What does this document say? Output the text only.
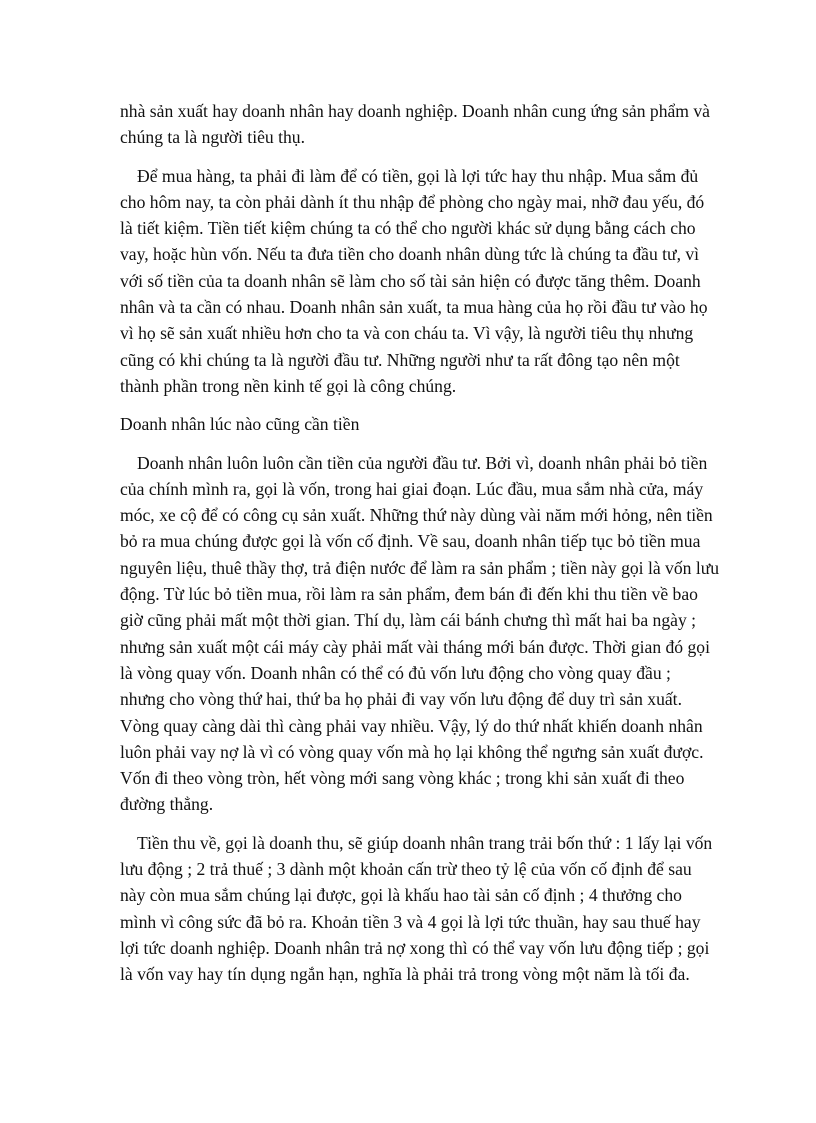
nhà sản xuất hay doanh nhân hay doanh nghiệp. Doanh nhân cung ứng sản phẩm và chúng ta là người tiêu thụ.

Để mua hàng, ta phải đi làm để có tiền, gọi là lợi tức hay thu nhập. Mua sắm đủ cho hôm nay, ta còn phải dành ít thu nhập để phòng cho ngày mai, nhỡ đau yếu, đó là tiết kiệm. Tiền tiết kiệm chúng ta có thể cho người khác sử dụng bằng cách cho vay, hoặc hùn vốn. Nếu ta đưa tiền cho doanh nhân dùng tức là chúng ta đầu tư, vì với số tiền của ta doanh nhân sẽ làm cho số tài sản hiện có được tăng thêm. Doanh nhân và ta cần có nhau. Doanh nhân sản xuất, ta mua hàng của họ rồi đầu tư vào họ vì họ sẽ sản xuất nhiều hơn cho ta và con cháu ta. Vì vậy, là người tiêu thụ nhưng cũng có khi chúng ta là người đầu tư. Những người như ta rất đông tạo nên một thành phần trong nền kinh tế gọi là công chúng.

Doanh nhân lúc nào cũng cần tiền

Doanh nhân luôn luôn cần tiền của người đầu tư. Bởi vì, doanh nhân phải bỏ tiền của chính mình ra, gọi là vốn, trong hai giai đoạn. Lúc đầu, mua sắm nhà cửa, máy móc, xe cộ để có công cụ sản xuất. Những thứ này dùng vài năm mới hỏng, nên tiền bỏ ra mua chúng được gọi là vốn cố định. Về sau, doanh nhân tiếp tục bỏ tiền mua nguyên liệu, thuê thầy thợ, trả điện nước để làm ra sản phẩm ; tiền này gọi là vốn lưu động. Từ lúc bỏ tiền mua, rồi làm ra sản phẩm, đem bán đi đến khi thu tiền về bao giờ cũng phải mất một thời gian. Thí dụ, làm cái bánh chưng thì mất hai ba ngày ; nhưng sản xuất một cái máy cày phải mất vài tháng mới bán được. Thời gian đó gọi là vòng quay vốn. Doanh nhân có thể có đủ vốn lưu động cho vòng quay đầu ; nhưng cho vòng thứ hai, thứ ba họ phải đi vay vốn lưu động để duy trì sản xuất. Vòng quay càng dài thì càng phải vay nhiều. Vậy, lý do thứ nhất khiến doanh nhân luôn phải vay nợ là vì có vòng quay vốn mà họ lại không thể ngưng sản xuất được. Vốn đi theo vòng tròn, hết vòng mới sang vòng khác ; trong khi sản xuất đi theo đường thẳng.

Tiền thu về, gọi là doanh thu, sẽ giúp doanh nhân trang trải bốn thứ : 1 lấy lại vốn lưu động ; 2 trả thuế ; 3 dành một khoản cấn trừ theo tỷ lệ của vốn cố định để sau này còn mua sắm chúng lại được, gọi là khấu hao tài sản cố định ; 4 thưởng cho mình vì công sức đã bỏ ra. Khoản tiền 3 và 4 gọi là lợi tức thuần, hay sau thuế hay lợi tức doanh nghiệp. Doanh nhân trả nợ xong thì có thể vay vốn lưu động tiếp ; gọi là vốn vay hay tín dụng ngắn hạn, nghĩa là phải trả trong vòng một năm là tối đa.
